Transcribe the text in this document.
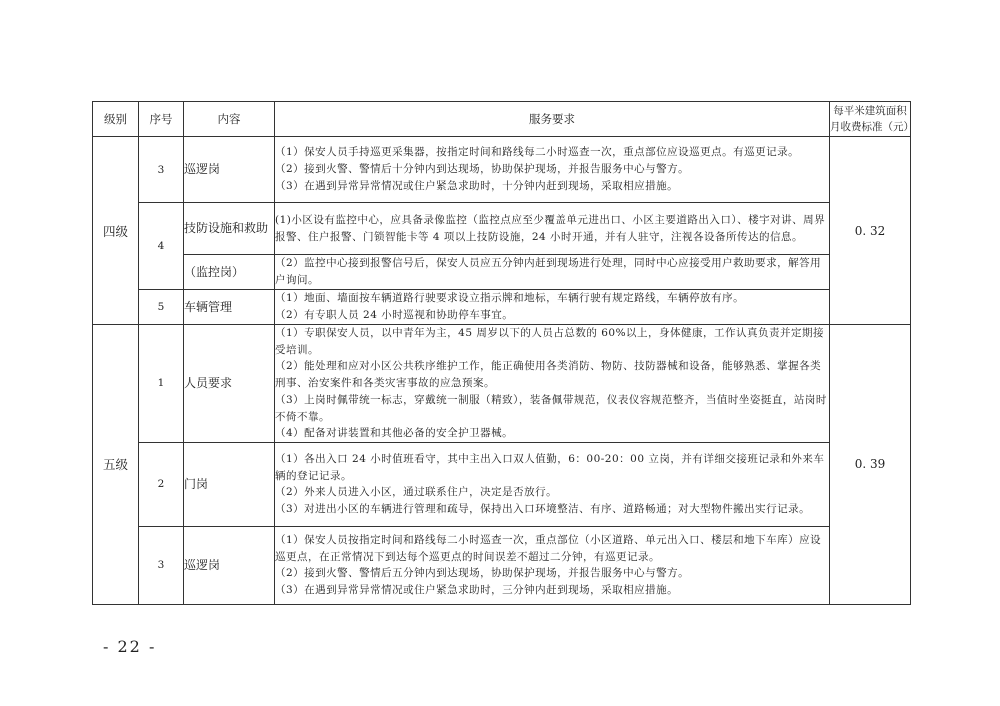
级别	序号	内容	服务要求	每平米建筑面积
月收费标准（元）
四级	3	巡逻岗	（1）保安人员手持巡更采集器，按指定时间和路线每二小时巡查一次，重点部位应设巡更点。有巡更记录。
（2）接到火警、警情后十分钟内到达现场，协助保护现场，并报告服务中心与警方。
（3）在遇到异常异常情况或住户紧急求助时，十分钟内赶到现场，采取相应措施。	0. 32
	4	技防设施和救助	(1)小区设有监控中心，应具备录像监控（监控点应至少覆盖单元进出口、小区主要道路出入口）、楼宇对讲、周界报警、住户报警、门锁智能卡等 4 项以上技防设施，24 小时开通，并有人驻守，注视各设备所传达的信息。	

		（监控岗）	（2）监控中心接到报警信号后，保安人员应五分钟内赶到现场进行处理，同时中心应接受用户救助要求，解答用户询问。	

	5	车辆管理	（1）地面、墙面按车辆道路行驶要求设立指示牌和地标，车辆行驶有规定路线，车辆停放有序。
（2）有专职人员 24 小时巡视和协助停车事宜。	

五级	1	人员要求	（1）专职保安人员，以中青年为主，45 周岁以下的人员占总数的 60%以上，身体健康，工作认真负责并定期接受培训。
（2）能处理和应对小区公共秩序维护工作，能正确使用各类消防、物防、技防器械和设备，能够熟悉、掌握各类刑事、治安案件和各类灾害事故的应急预案。
（3）上岗时佩带统一标志，穿戴统一制服（精致），装备佩带规范，仪表仪容规范整齐，当值时坐姿挺直，站岗时不倚不靠。
（4）配备对讲装置和其他必备的安全护卫器械。	0. 39
	2	门岗	（1）各出入口 24 小时值班看守，其中主出入口双人值勤，6：00-20：00 立岗，并有详细交接班记录和外来车辆的登记记录。
（2）外来人员进入小区，通过联系住户，决定是否放行。
（3）对进出小区的车辆进行管理和疏导，保持出入口环境整洁、有序、道路畅通；对大型物件搬出实行记录。	

	3	巡逻岗	（1）保安人员按指定时间和路线每二小时巡查一次，重点部位（小区道路、单元出入口、楼层和地下车库）应设巡更点，在正常情况下到达每个巡更点的时间误差不超过二分钟，有巡更记录。
（2）接到火警、警情后五分钟内到达现场，协助保护现场，并报告服务中心与警方。
（3）在遇到异常异常情况或住户紧急求助时，三分钟内赶到现场，采取相应措施。	
- 22 -
